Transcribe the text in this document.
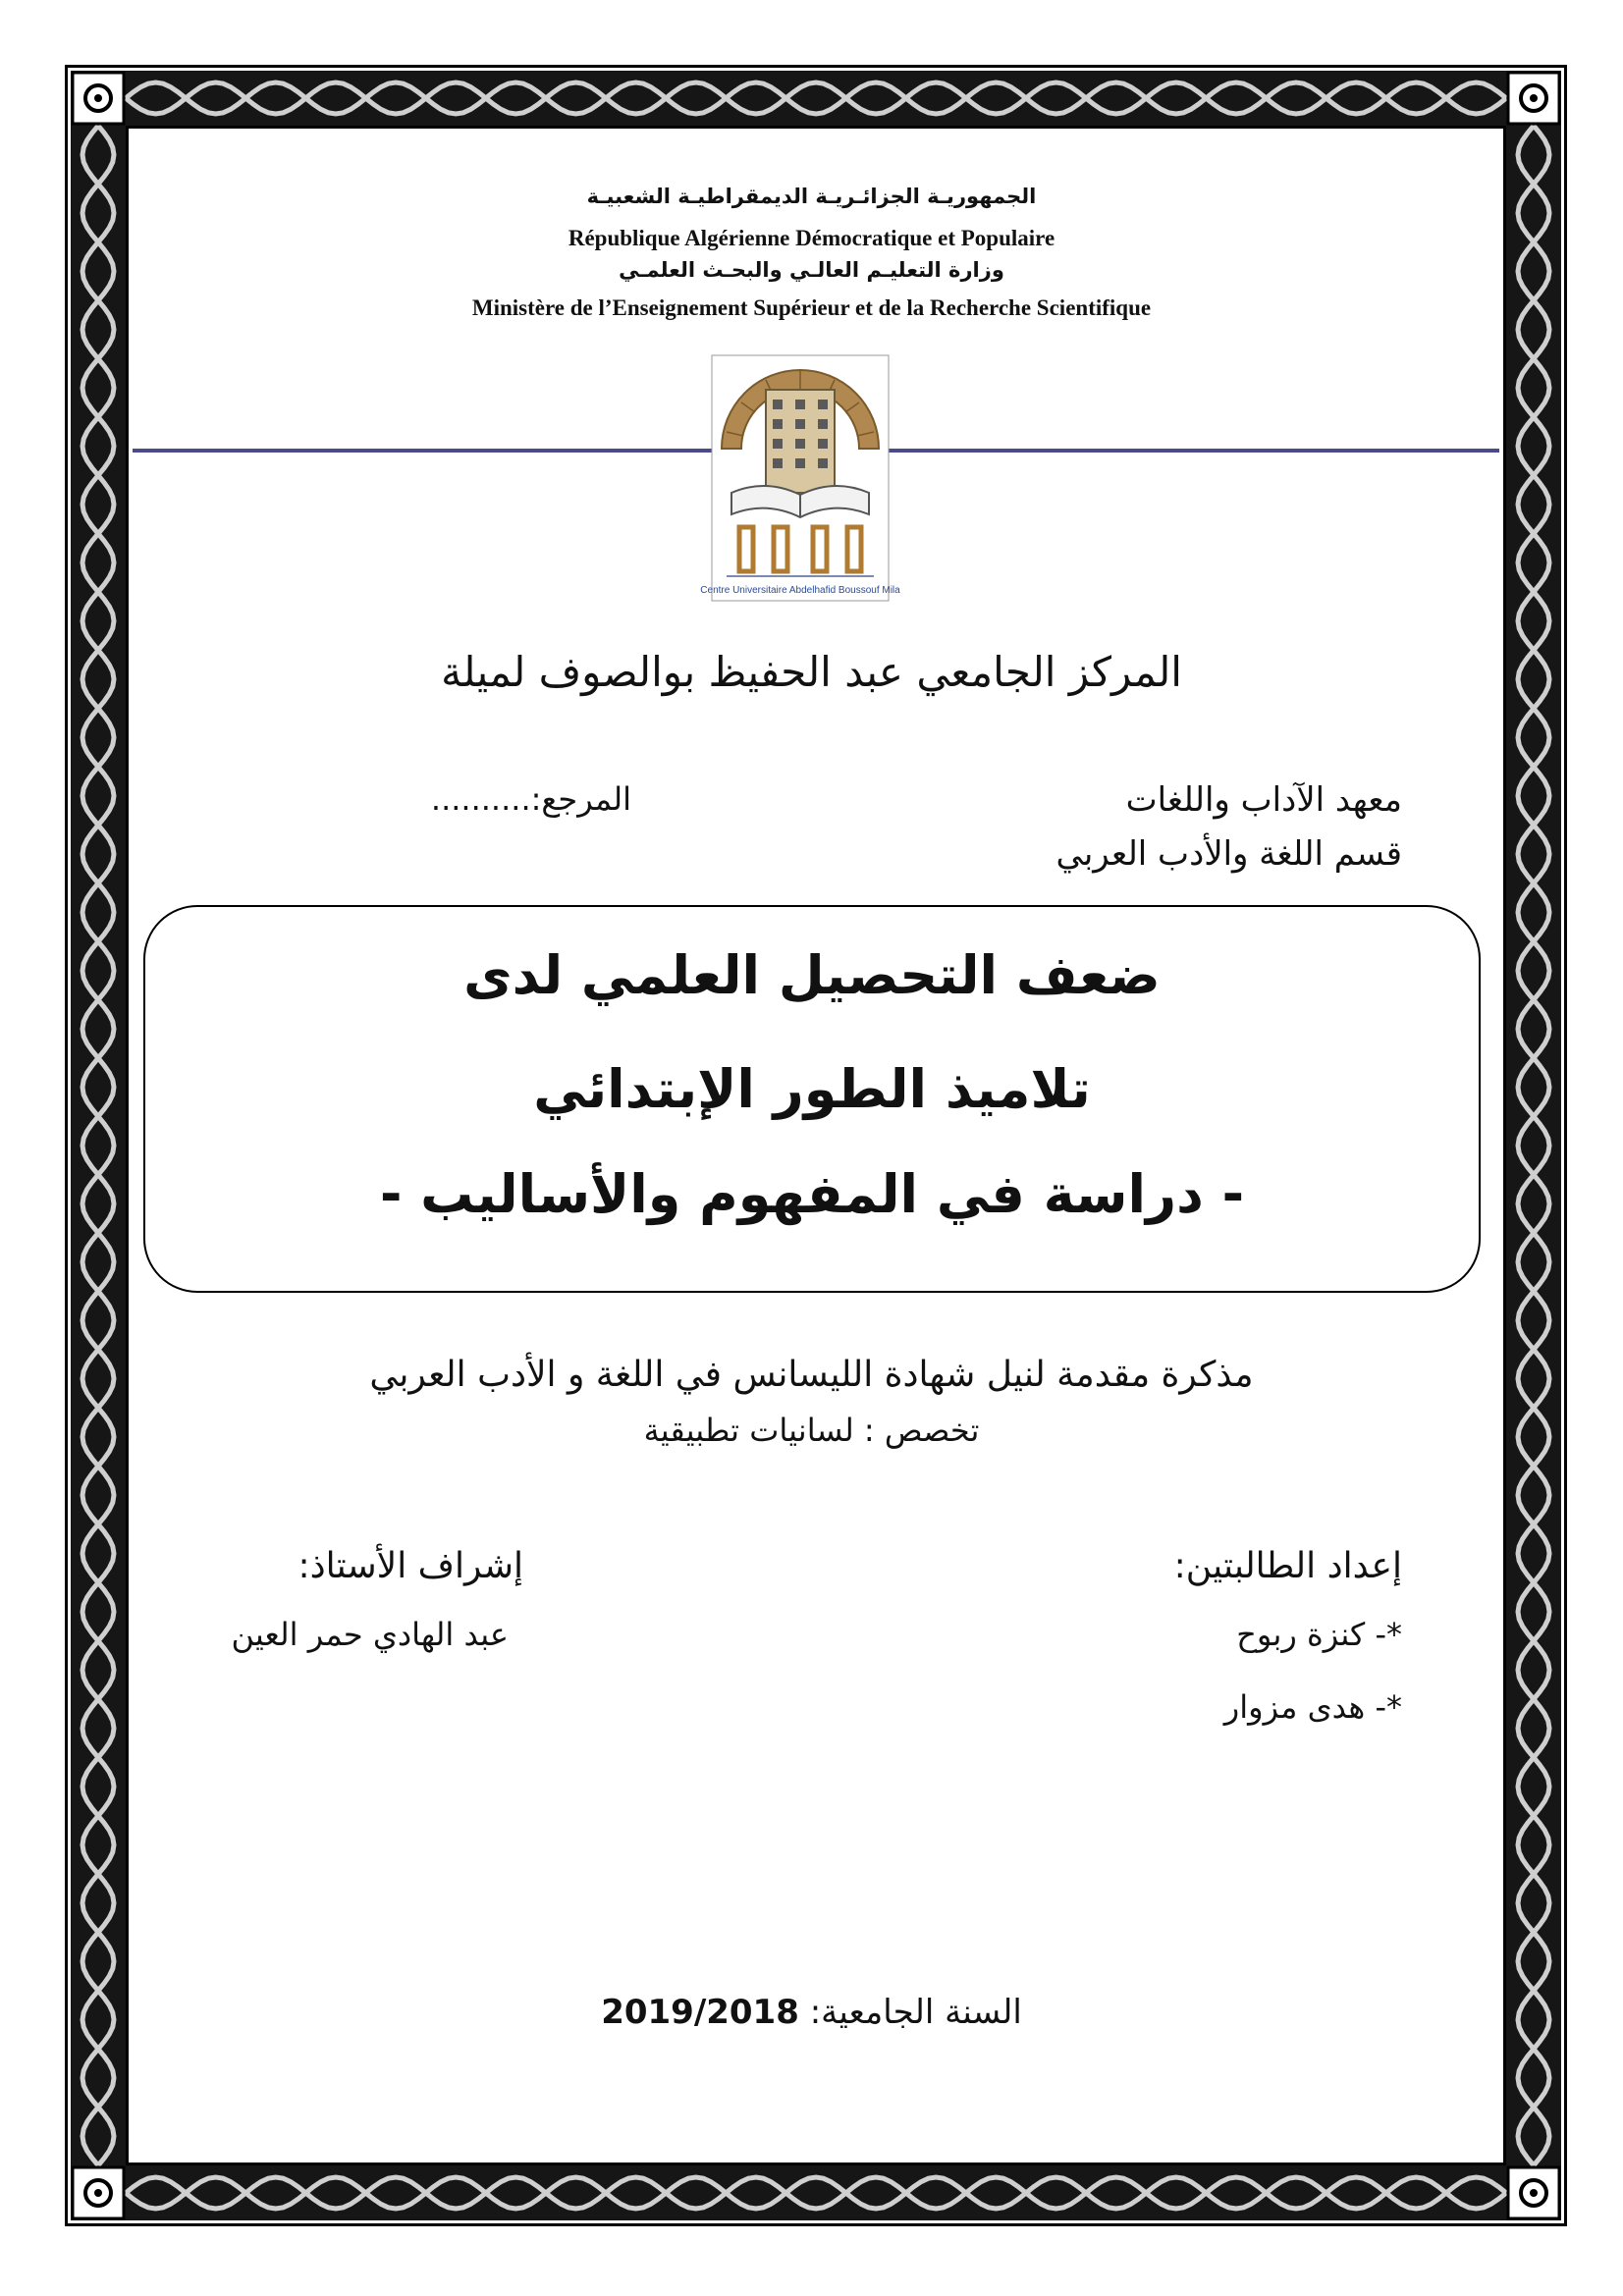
الجمهوريـة الجزائـريـة الديمقراطيـة الشعبيـة
République Algérienne Démocratique et Populaire
وزارة التعليـم العالـي والبحـث العلمـي
Ministère de l’Enseignement Supérieur et de la Recherche Scientifique
Centre Universitaire Abdelhafid Boussouf Mila
المركز الجامعي عبد الحفيظ بوالصوف لميلة
معهد الآداب واللغات
المرجع:..........
قسم اللغة والأدب العربي
ضعف التحصيل العلمي لدى
تلاميذ الطور الإبتدائي
- دراسة في المفهوم والأساليب -
مذكرة مقدمة لنيل شهادة الليسانس في اللغة و الأدب العربي
تخصص : لسانيات تطبيقية
إعداد الطالبتين:
*- كنزة ربوح
*- هدى مزوار
إشراف الأستاذ:
عبد الهادي حمر العين
السنة الجامعية: 2019/2018
